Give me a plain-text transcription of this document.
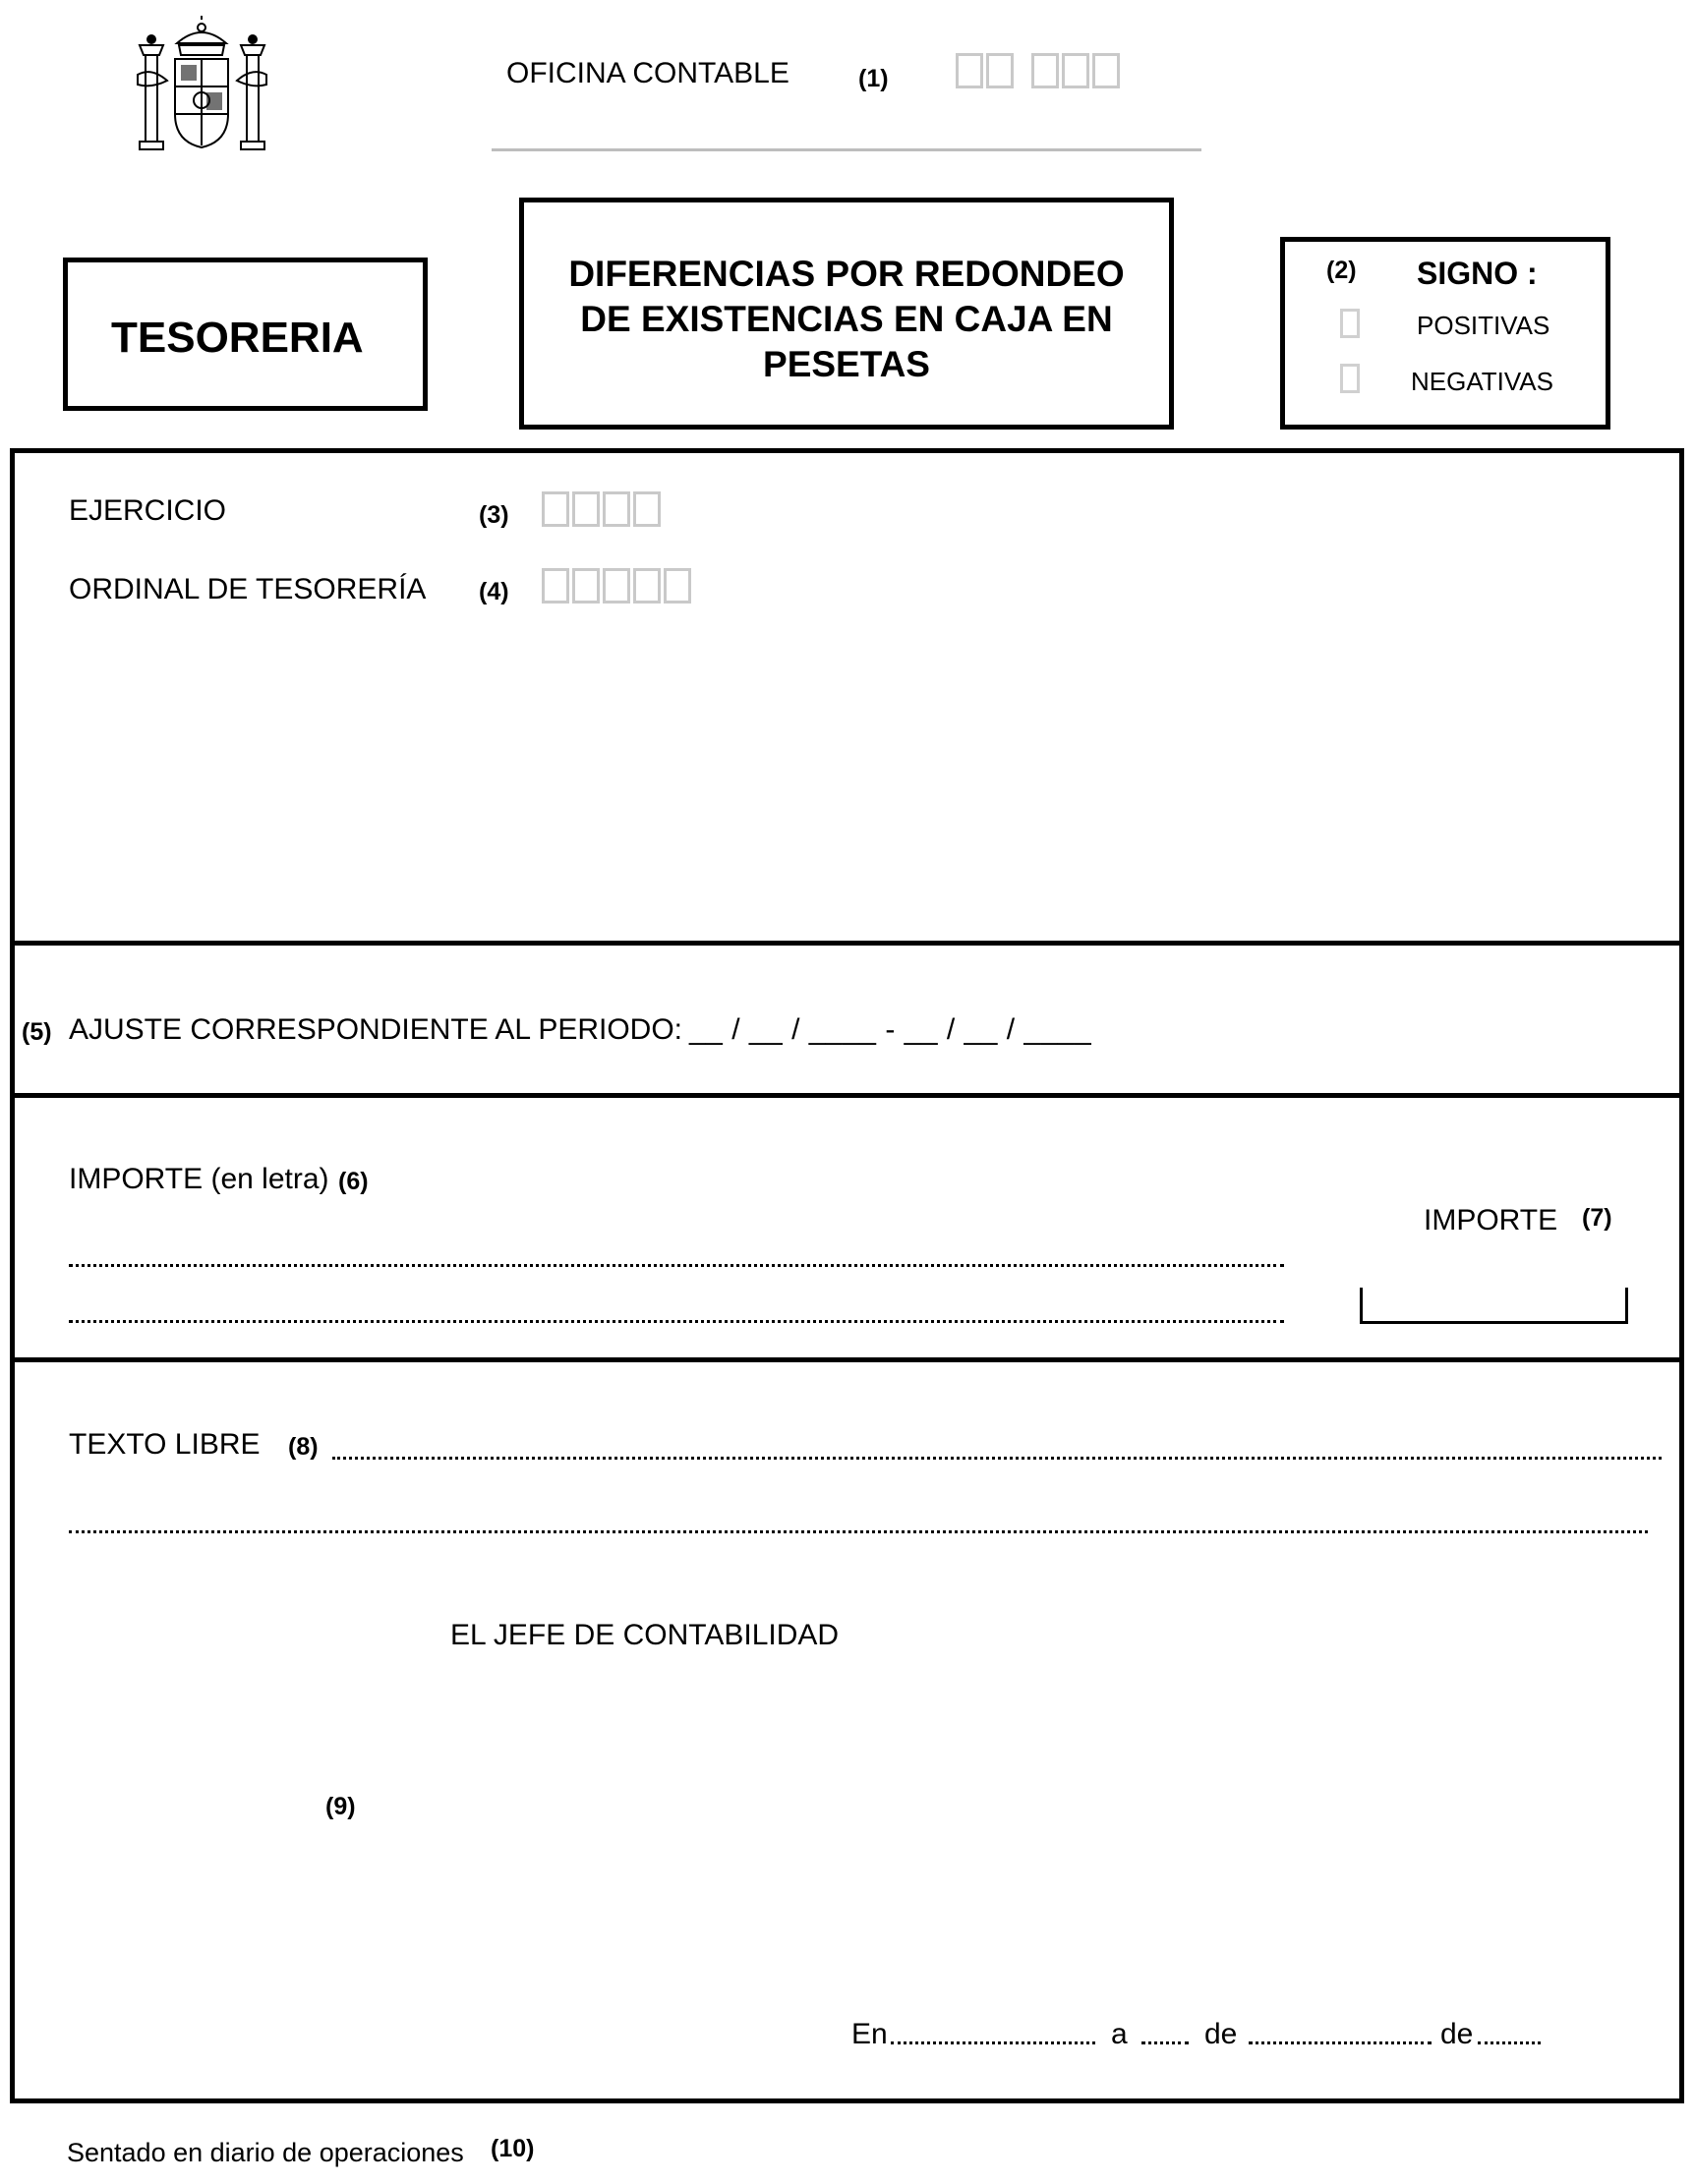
OFICINA CONTABLE	(1)
TESORERIA
DIFERENCIAS POR REDONDEO
DE EXISTENCIAS EN CAJA EN
PESETAS
(2) SIGNO :
POSITIVAS
NEGATIVAS
EJERCICIO	(3)
ORDINAL DE TESORERÍA (4)
(5) AJUSTE CORRESPONDIENTE AL PERIODO: __ / __ / ____ - __ / __ / ____
IMPORTE (en letra) (6)
IMPORTE (7)
TEXTO LIBRE (8)
EL JEFE DE CONTABILIDAD
(9)
En	a	de	de
Sentado en diario de operaciones (10)
